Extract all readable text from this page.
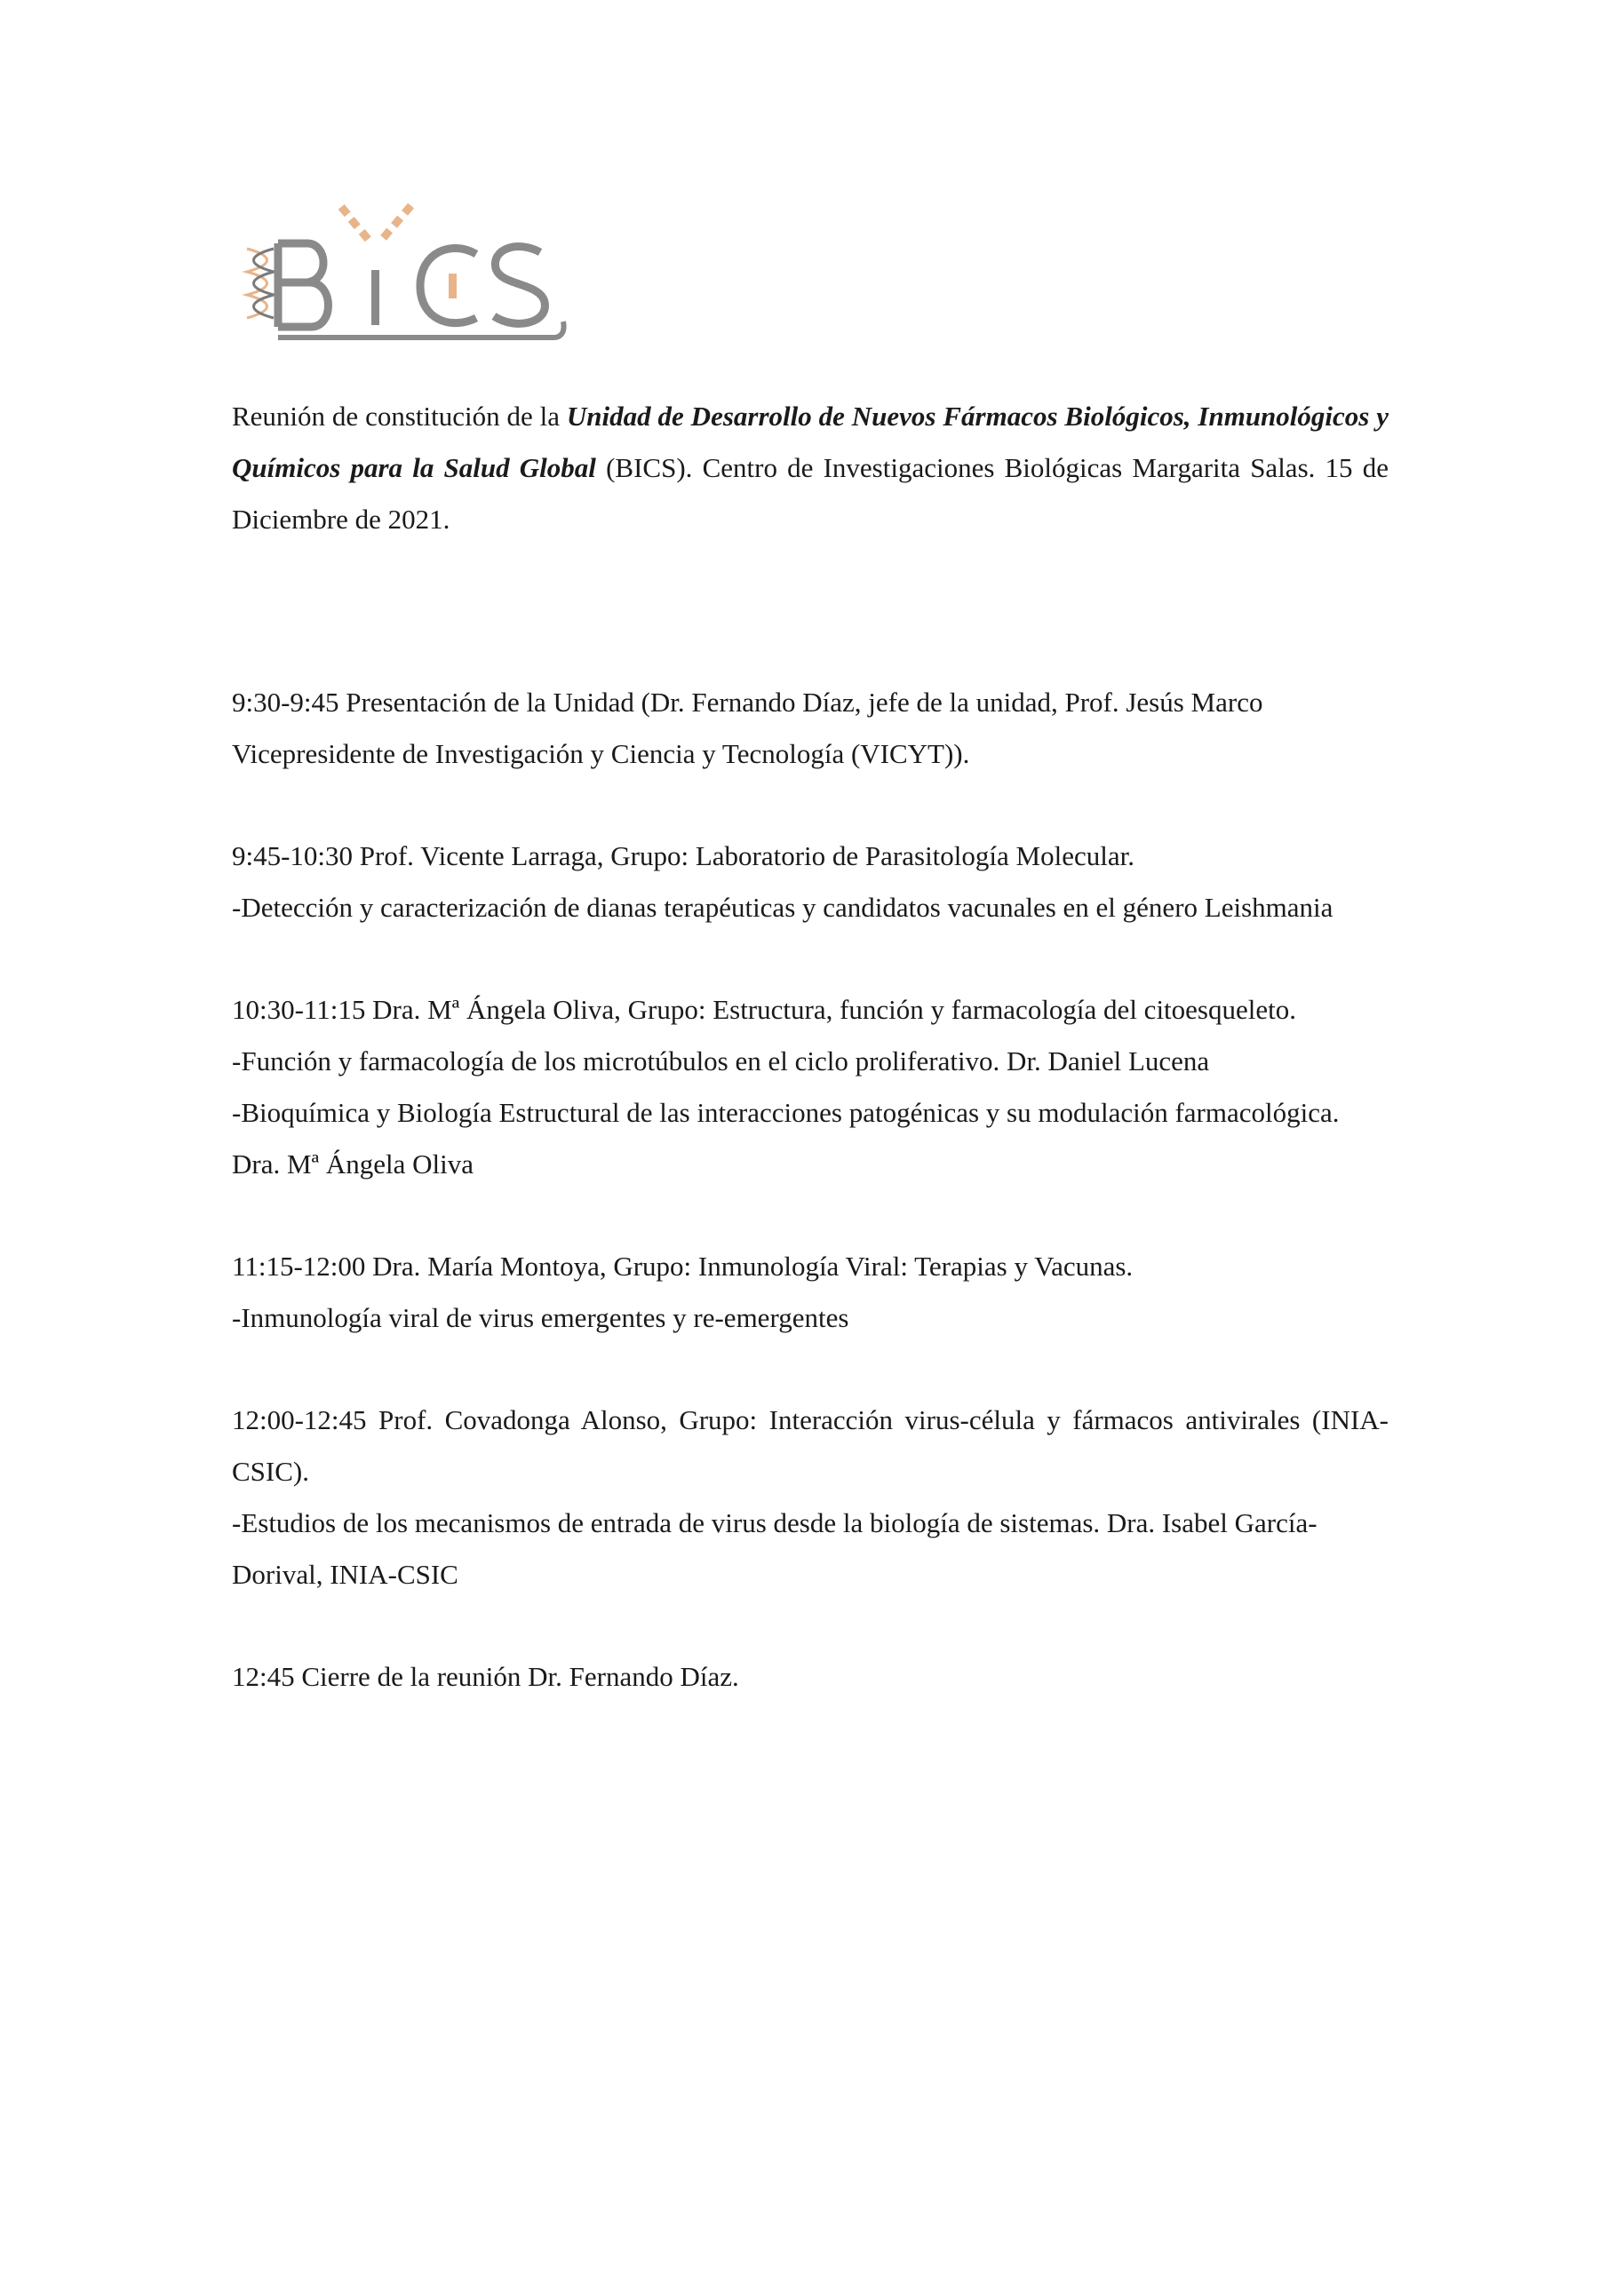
Reunión de constitución de la Unidad de Desarrollo de Nuevos Fármacos Biológicos, Inmunológicos y Químicos para la Salud Global (BICS). Centro de Investigaciones Biológicas Margarita Salas. 15 de Diciembre de 2021.

9:30-9:45 Presentación de la Unidad (Dr. Fernando Díaz, jefe de la unidad, Prof. Jesús Marco Vicepresidente de Investigación y Ciencia y Tecnología (VICYT)).

9:45-10:30 Prof. Vicente Larraga, Grupo: Laboratorio de Parasitología Molecular.

-Detección y caracterización de dianas terapéuticas y candidatos vacunales en el género Leishmania

10:30-11:15 Dra. Mª Ángela Oliva, Grupo: Estructura, función y farmacología del citoesqueleto.

-Función y farmacología de los microtúbulos en el ciclo proliferativo. Dr. Daniel Lucena

-Bioquímica y Biología Estructural de las interacciones patogénicas y su modulación farmacológica. Dra. Mª Ángela Oliva

11:15-12:00 Dra. María Montoya, Grupo: Inmunología Viral: Terapias y Vacunas.

-Inmunología viral de virus emergentes y re-emergentes

12:00-12:45 Prof. Covadonga Alonso, Grupo: Interacción virus-célula y fármacos antivirales (INIA-CSIC).

-Estudios de los mecanismos de entrada de virus desde la biología de sistemas. Dra. Isabel García-Dorival, INIA-CSIC

12:45 Cierre de la reunión Dr. Fernando Díaz.
